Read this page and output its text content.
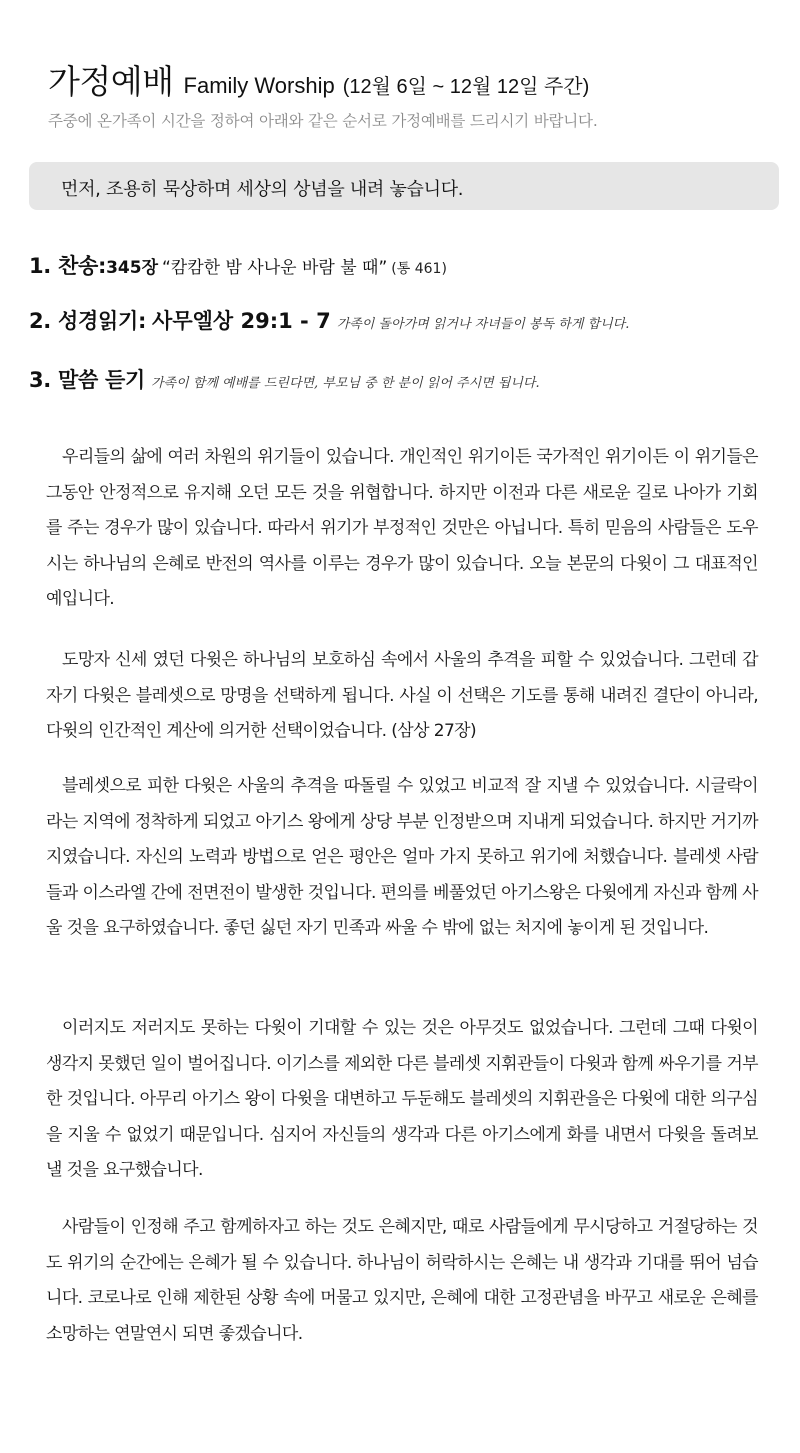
가정예배 Family Worship (12월 6일 ~ 12월 12일 주간)
주중에 온가족이 시간을 정하여 아래와 같은 순서로 가정예배를 드리시기 바랍니다.
먼저, 조용히 묵상하며 세상의 상념을 내려 놓습니다.
1. 찬송:345장 “캄캄한 밤 사나운 바람 불 때” (통 461)
2. 성경읽기: 사무엘상 29:1 - 7 가족이 돌아가며 읽거나 자녀들이 봉독 하게 합니다.
3. 말씀 듣기 가족이 함께 예배를 드린다면, 부모님 중 한 분이 읽어 주시면 됩니다.

우리들의 삶에 여러 차원의 위기들이 있습니다. 개인적인 위기이든 국가적인 위기이든 이 위기들은 그동안 안정적으로 유지해 오던 모든 것을 위협합니다. 하지만 이전과 다른 새로운 길로 나아가 기회를 주는 경우가 많이 있습니다. 따라서 위기가 부정적인 것만은 아닙니다. 특히 믿음의 사람들은 도우시는 하나님의 은혜로 반전의 역사를 이루는 경우가 많이 있습니다. 오늘 본문의 다윗이 그 대표적인 예입니다.

도망자 신세 였던 다윗은 하나님의 보호하심 속에서 사울의 추격을 피할 수 있었습니다. 그런데 갑자기 다윗은 블레셋으로 망명을 선택하게 됩니다. 사실 이 선택은 기도를 통해 내려진 결단이 아니라, 다윗의 인간적인 계산에 의거한 선택이었습니다. (삼상 27장)

블레셋으로 피한 다윗은 사울의 추격을 따돌릴 수 있었고 비교적 잘 지낼 수 있었습니다. 시글락이라는 지역에 정착하게 되었고 아기스 왕에게 상당 부분 인정받으며 지내게 되었습니다. 하지만 거기까지였습니다. 자신의 노력과 방법으로 얻은 평안은 얼마 가지 못하고 위기에 처했습니다. 블레셋 사람들과 이스라엘 간에 전면전이 발생한 것입니다. 편의를 베풀었던 아기스왕은 다윗에게 자신과 함께 사울 것을 요구하였습니다. 좋던 싫던 자기 민족과 싸울 수 밖에 없는 처지에 놓이게 된 것입니다.

이러지도 저러지도 못하는 다윗이 기대할 수 있는 것은 아무것도 없었습니다. 그런데 그때 다윗이 생각지 못했던 일이 벌어집니다. 이기스를 제외한 다른 블레셋 지휘관들이 다윗과 함께 싸우기를 거부한 것입니다. 아무리 아기스 왕이 다윗을 대변하고 두둔해도 블레셋의 지휘관을은 다윗에 대한 의구심을 지울 수 없었기 때문입니다. 심지어 자신들의 생각과 다른 아기스에게 화를 내면서 다윗을 돌려보낼 것을 요구했습니다.

사람들이 인정해 주고 함께하자고 하는 것도 은혜지만, 때로 사람들에게 무시당하고 거절당하는 것도 위기의 순간에는 은혜가 될 수 있습니다. 하나님이 허락하시는 은혜는 내 생각과 기대를 뛰어 넘습니다. 코로나로 인해 제한된 상황 속에 머물고 있지만, 은혜에 대한 고정관념을 바꾸고 새로운 은혜를 소망하는 연말연시 되면 좋겠습니다.
